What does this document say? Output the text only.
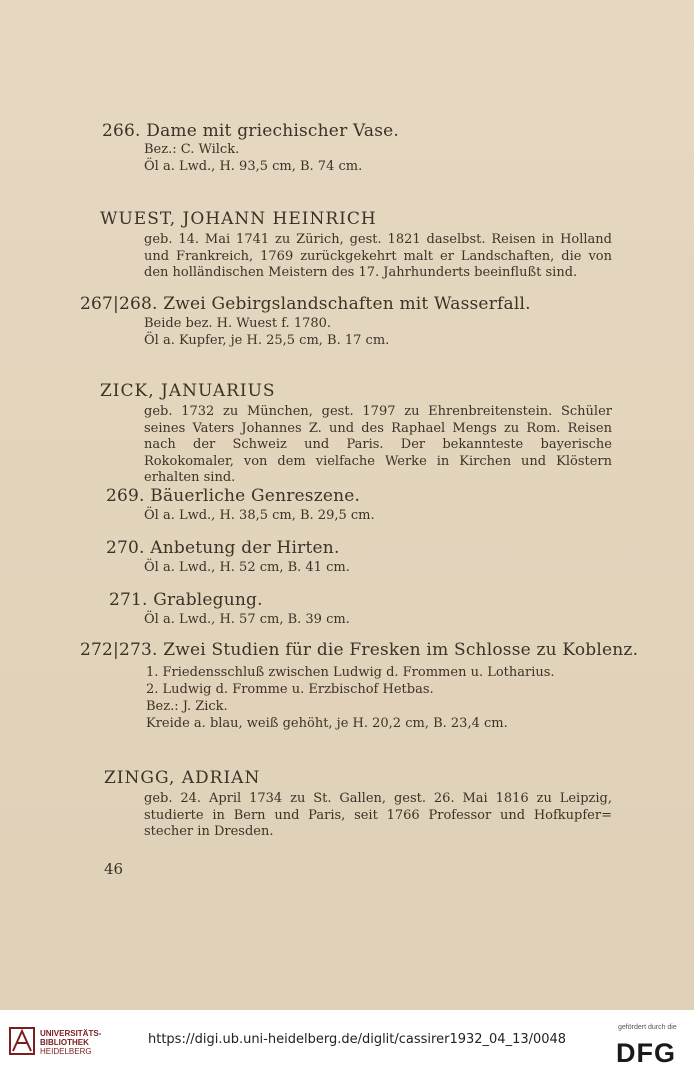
266. Dame mit griechischer Vase.
Bez.: C. Wilck.
Öl a. Lwd., H. 93,5 cm, B. 74 cm.
WUEST, JOHANN HEINRICH
geb. 14. Mai 1741 zu Zürich, gest. 1821 daselbst. Reisen in Holland und Frankreich, 1769 zurückgekehrt malt er Landschaften, die von den holländischen Meistern des 17. Jahrhunderts beeinflußt sind.
267|268. Zwei Gebirgslandschaften mit Wasserfall.
Beide bez. H. Wuest f. 1780.
Öl a. Kupfer, je H. 25,5 cm, B. 17 cm.
ZICK, JANUARIUS
geb. 1732 zu München, gest. 1797 zu Ehrenbreitenstein. Schüler seines Vaters Johannes Z. und des Raphael Mengs zu Rom. Reisen nach der Schweiz und Paris. Der bekannteste bayerische Rokokomaler, von dem vielfache Werke in Kirchen und Klöstern erhalten sind.
269. Bäuerliche Genreszene.
Öl a. Lwd., H. 38,5 cm, B. 29,5 cm.
270. Anbetung der Hirten.
Öl a. Lwd., H. 52 cm, B. 41 cm.
271. Grablegung.
Öl a. Lwd., H. 57 cm, B. 39 cm.
272|273. Zwei Studien für die Fresken im Schlosse zu Koblenz.
1. Friedensschluß zwischen Ludwig d. Frommen u. Lotharius.
2. Ludwig d. Fromme u. Erzbischof Hetbas.
Bez.: J. Zick.
Kreide a. blau, weiß gehöht, je H. 20,2 cm, B. 23,4 cm.
ZINGG, ADRIAN
geb. 24. April 1734 zu St. Gallen, gest. 26. Mai 1816 zu Leipzig, studierte in Bern und Paris, seit 1766 Professor und Hofkupfer= stecher in Dresden.
46
UNIVERSITÄTS-
BIBLIOTHEK
HEIDELBERG
https://digi.ub.uni-heidelberg.de/diglit/cassirer1932_04_13/0048
gefördert durch die
DFG
